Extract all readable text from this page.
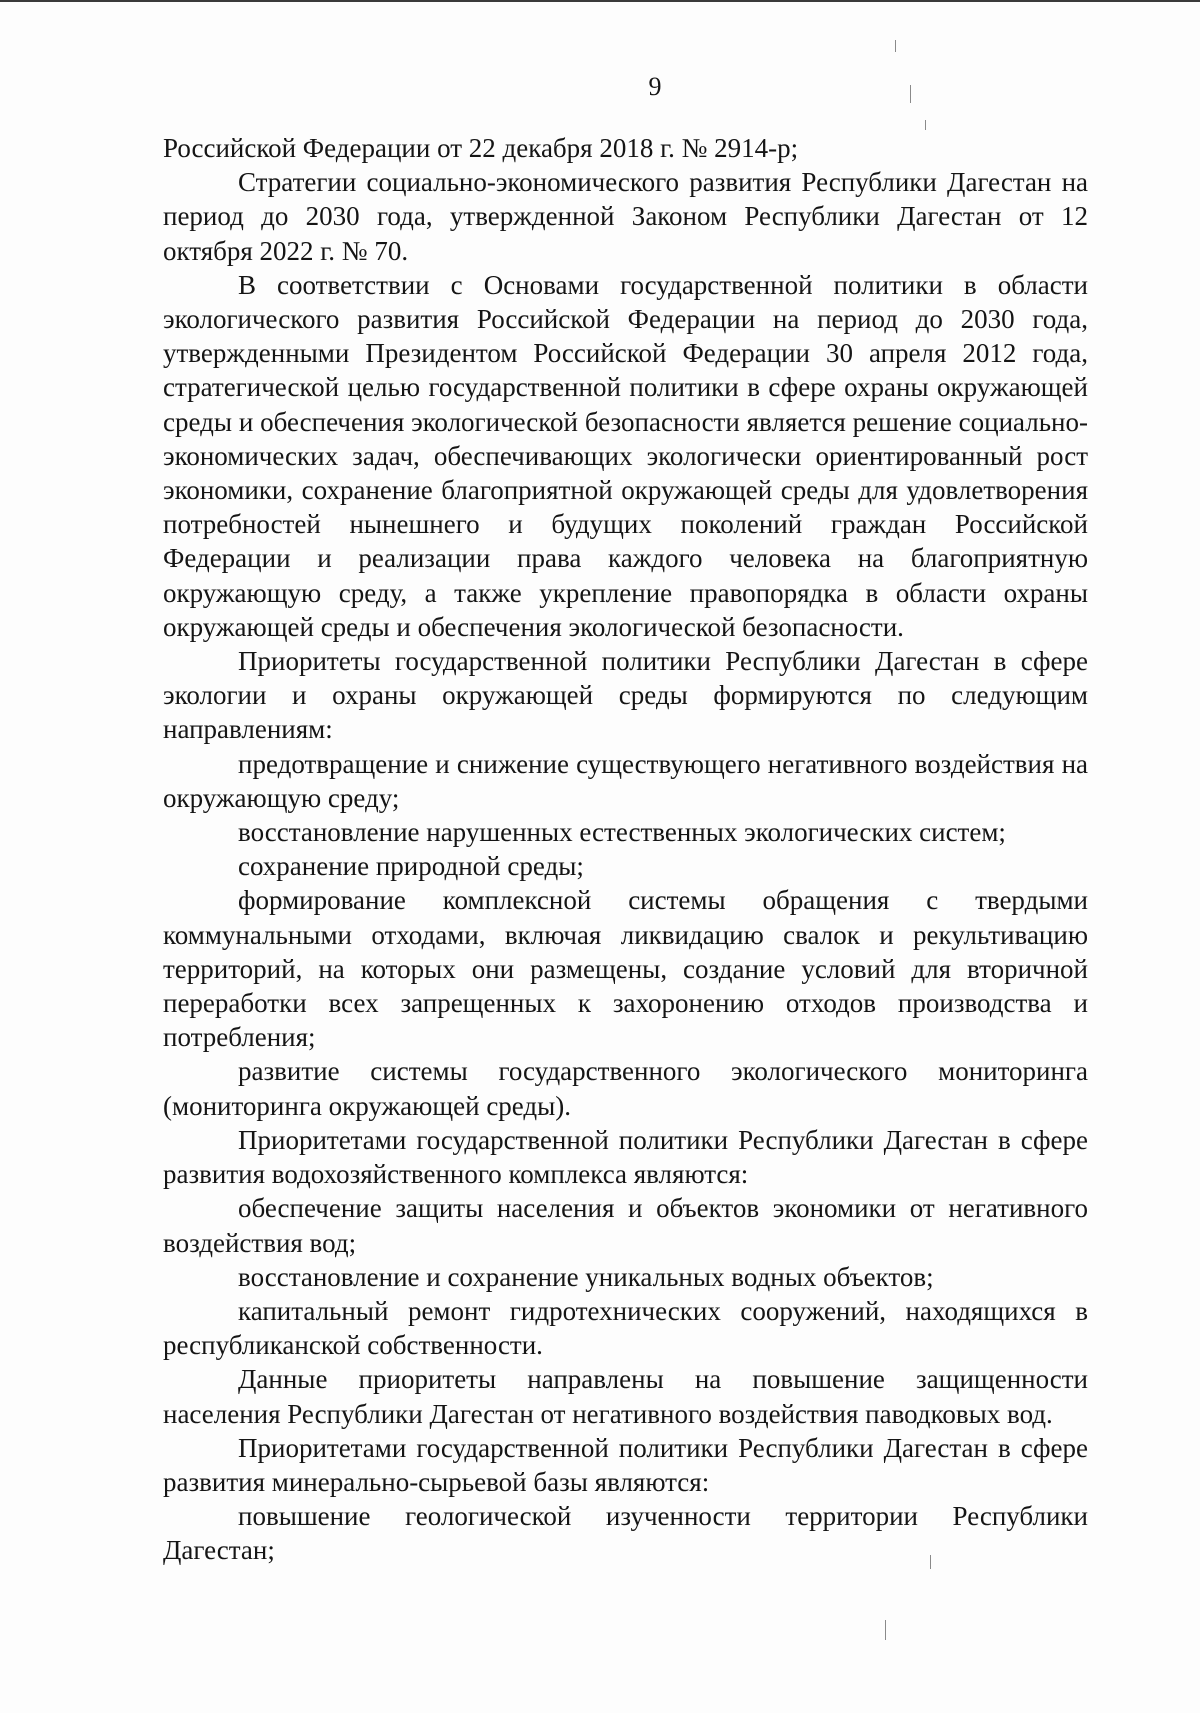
9

Российской Федерации от 22 декабря 2018 г. № 2914-р;

Стратегии социально-экономического развития Республики Дагестан на период до 2030 года, утвержденной Законом Республики Дагестан от 12 октября 2022 г. № 70.

В соответствии с Основами государственной политики в области экологического развития Российской Федерации на период до 2030 года, утвержденными Президентом Российской Федерации 30 апреля 2012 года, стратегической целью государственной политики в сфере охраны окружающей среды и обеспечения экологической безопасности является решение социально-экономических задач, обеспечивающих экологически ориентированный рост экономики, сохранение благоприятной окружающей среды для удовлетворения потребностей нынешнего и будущих поколений граждан Российской Федерации и реализации права каждого человека на благоприятную окружающую среду, а также укрепление правопорядка в области охраны окружающей среды и обеспечения экологической безопасности.

Приоритеты государственной политики Республики Дагестан в сфере экологии и охраны окружающей среды формируются по следующим направлениям:

предотвращение и снижение существующего негативного воздействия на окружающую среду;

восстановление нарушенных естественных экологических систем;

сохранение природной среды;

формирование комплексной системы обращения с твердыми коммунальными отходами, включая ликвидацию свалок и рекультивацию территорий, на которых они размещены, создание условий для вторичной переработки всех запрещенных к захоронению отходов производства и потребления;

развитие системы государственного экологического мониторинга (мониторинга окружающей среды).

Приоритетами государственной политики Республики Дагестан в сфере развития водохозяйственного комплекса являются:

обеспечение защиты населения и объектов экономики от негативного воздействия вод;

восстановление и сохранение уникальных водных объектов;

капитальный ремонт гидротехнических сооружений, находящихся в республиканской собственности.

Данные приоритеты направлены на повышение защищенности населения Республики Дагестан от негативного воздействия паводковых вод.

Приоритетами государственной политики Республики Дагестан в сфере развития минерально-сырьевой базы являются:

повышение геологической изученности территории Республики Дагестан;
